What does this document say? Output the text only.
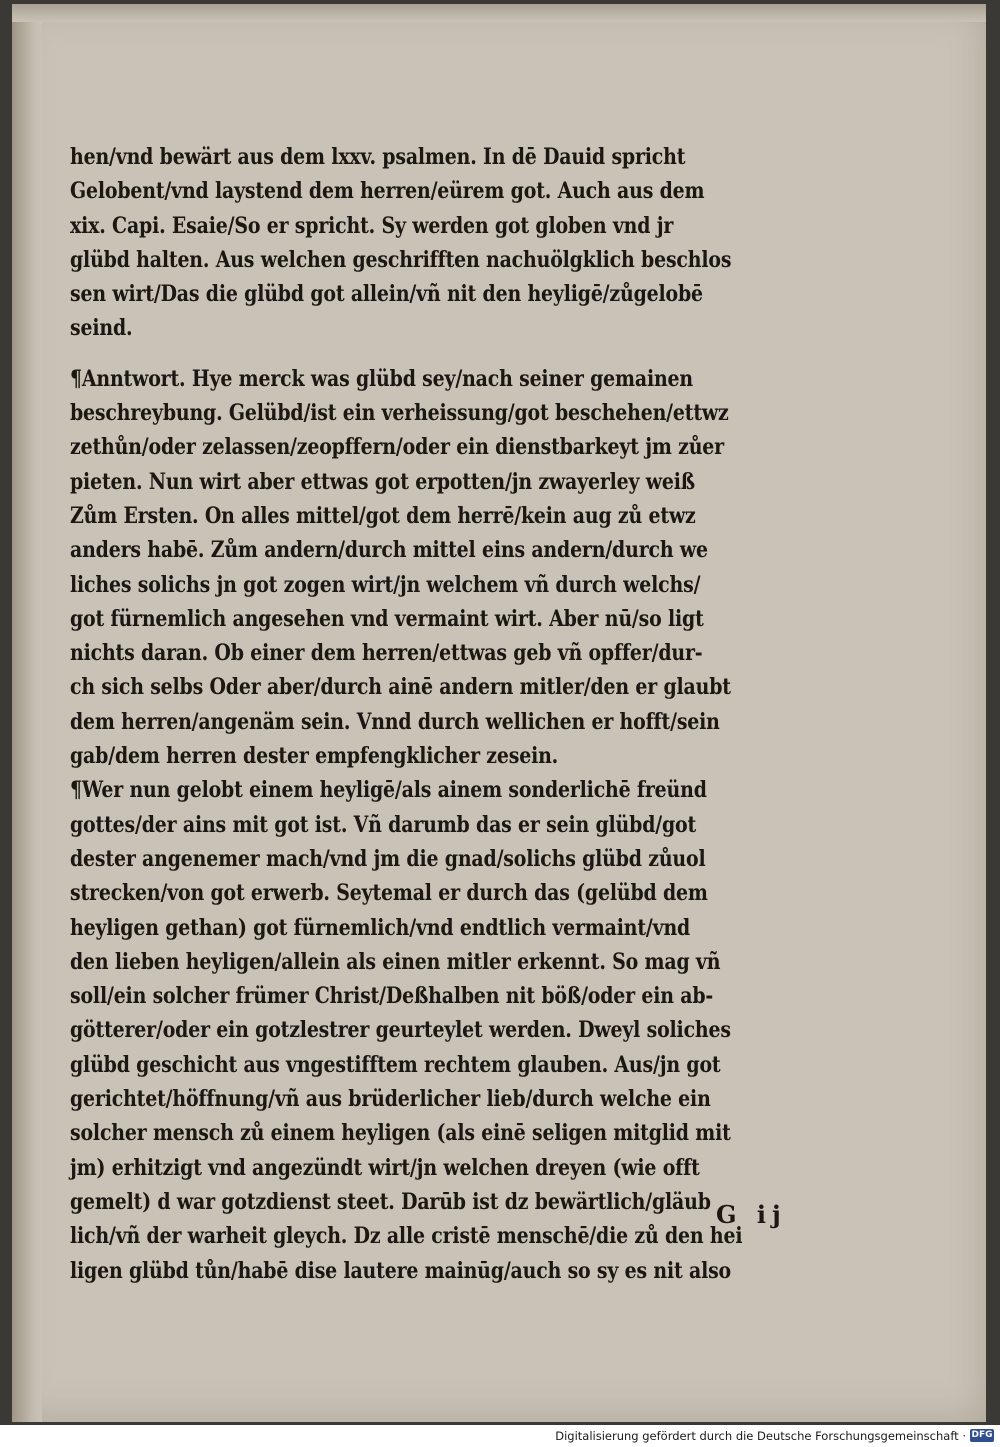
hen/vnd bewärt aus dem lxxv. psalmen. In dē Dauid spricht
Gelobent/vnd laystend dem herren/eürem got. Auch aus dem
xix. Capi. Esaie/So er spricht. Sy werden got globen vnd jr
glübd halten. Aus welchen geschrifften nachuölgklich beschlos
sen wirt/Das die glübd got allein/vñ nit den heyligē/zůgelobē
seind.
¶Anntwort. Hye merck was glübd sey/nach seiner gemainen
beschreybung. Gelübd/ist ein verheissung/got beschehen/ettwz
zethůn/oder zelassen/zeopffern/oder ein dienstbarkeyt jm zůer
pieten. Nun wirt aber ettwas got erpotten/jn zwayerley weiß
Zům Ersten. On alles mittel/got dem herrē/kein aug zů etwz
anders habē. Zům andern/durch mittel eins andern/durch we
liches solichs jn got zogen wirt/jn welchem vñ durch welchs/
got fürnemlich angesehen vnd vermaint wirt. Aber nū/so ligt
nichts daran. Ob einer dem herren/ettwas geb vñ opffer/dur-
ch sich selbs Oder aber/durch ainē andern mitler/den er glaubt
dem herren/angenäm sein. Vnnd durch wellichen er hofft/sein
gab/dem herren dester empfengklicher zesein.
¶Wer nun gelobt einem heyligē/als ainem sonderlichē freünd
gottes/der ains mit got ist. Vñ darumb das er sein glübd/got
dester angenemer mach/vnd jm die gnad/solichs glübd zůuol
strecken/von got erwerb. Seytemal er durch das (gelübd dem
heyligen gethan) got fürnemlich/vnd endtlich vermaint/vnd
den lieben heyligen/allein als einen mitler erkennt. So mag vñ
soll/ein solcher frümer Christ/Deßhalben nit böß/oder ein ab-
götterer/oder ein gotzlestrer geurteylet werden. Dweyl soliches
glübd geschicht aus vngestifftem rechtem glauben. Aus/jn got
gerichtet/höffnung/vñ aus brüderlicher lieb/durch welche ein
solcher mensch zů einem heyligen (als einē seligen mitglid mit
jm) erhitzigt vnd angezündt wirt/jn welchen dreyen (wie offt
gemelt) d war gotzdienst steet. Darūb ist dz bewärtlich/gläub
lich/vñ der warheit gleych. Dz alle cristē menschē/die zů den hei
ligen glübd tůn/habē dise lautere mainūg/auch so sy es nit also
G ij
Digitalisierung gefördert durch die Deutsche Forschungsgemeinschaft · DFG
